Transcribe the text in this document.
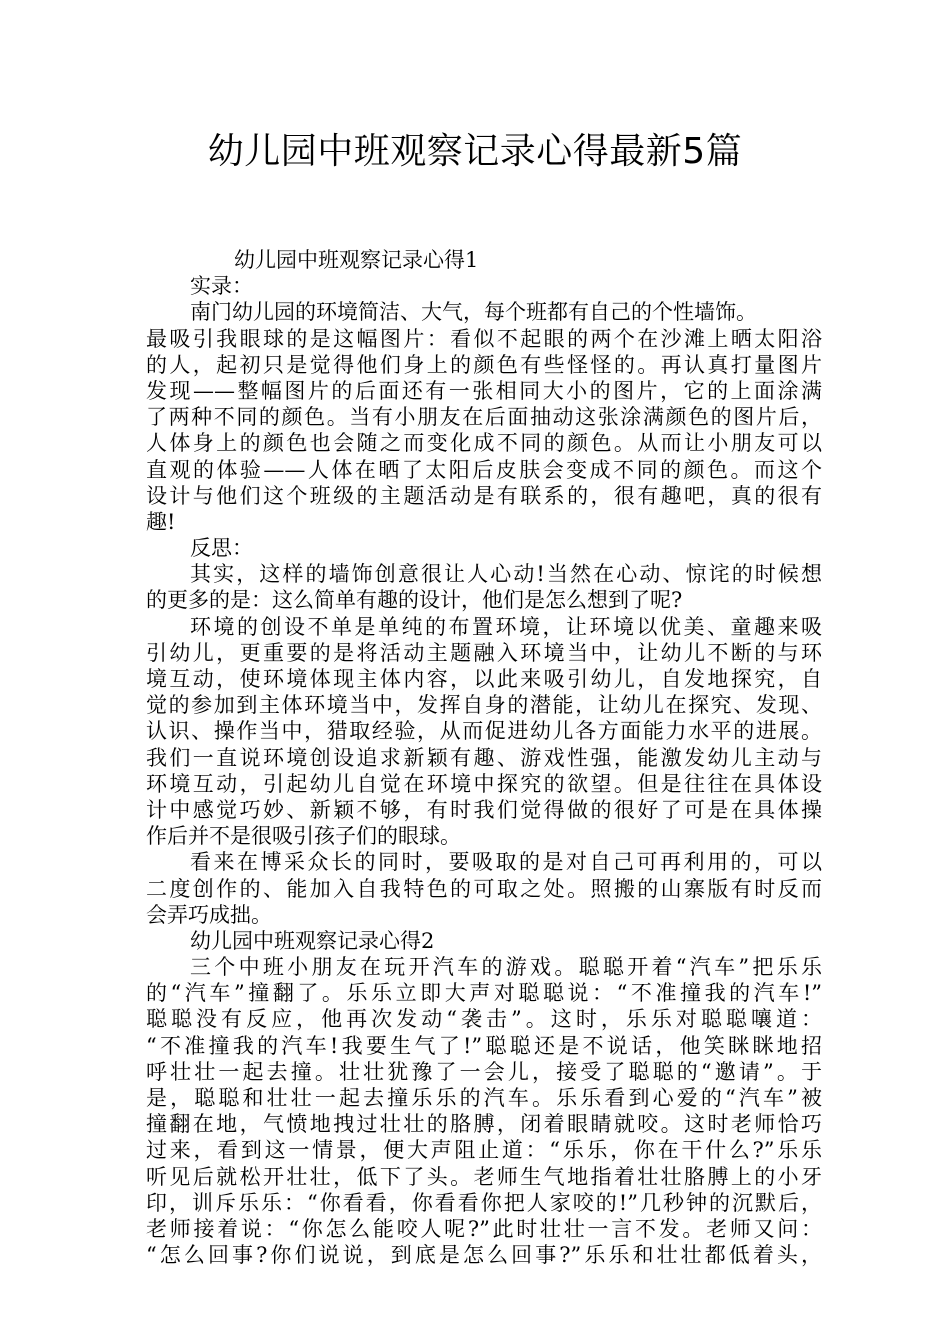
幼儿园中班观察记录心得最新5篇
幼儿园中班观察记录心得1
实录：
南门幼儿园的环境简洁、大气，每个班都有自己的个性墙饰。
最吸引我眼球的是这幅图片：看似不起眼的两个在沙滩上晒太阳浴
的人，起初只是觉得他们身上的颜色有些怪怪的。再认真打量图片
发现——整幅图片的后面还有一张相同大小的图片，它的上面涂满
了两种不同的颜色。当有小朋友在后面抽动这张涂满颜色的图片后，
人体身上的颜色也会随之而变化成不同的颜色。从而让小朋友可以
直观的体验——人体在晒了太阳后皮肤会变成不同的颜色。而这个
设计与他们这个班级的主题活动是有联系的，很有趣吧，真的很有
趣!
反思：
其实，这样的墙饰创意很让人心动!当然在心动、惊诧的时候想
的更多的是：这么简单有趣的设计，他们是怎么想到了呢?
环境的创设不单是单纯的布置环境，让环境以优美、童趣来吸
引幼儿，更重要的是将活动主题融入环境当中，让幼儿不断的与环
境互动，使环境体现主体内容，以此来吸引幼儿，自发地探究，自
觉的参加到主体环境当中，发挥自身的潜能，让幼儿在探究、发现、
认识、操作当中，猎取经验，从而促进幼儿各方面能力水平的进展。
我们一直说环境创设追求新颖有趣、游戏性强，能激发幼儿主动与
环境互动，引起幼儿自觉在环境中探究的欲望。但是往往在具体设
计中感觉巧妙、新颖不够，有时我们觉得做的很好了可是在具体操
作后并不是很吸引孩子们的眼球。
看来在博采众长的同时，要吸取的是对自己可再利用的，可以
二度创作的、能加入自我特色的可取之处。照搬的山寨版有时反而
会弄巧成拙。
幼儿园中班观察记录心得2
三个中班小朋友在玩开汽车的游戏。聪聪开着“汽车”把乐乐
的“汽车”撞翻了。乐乐立即大声对聪聪说：“不准撞我的汽车!”
聪聪没有反应，他再次发动“袭击”。这时，乐乐对聪聪嚷道：
“不准撞我的汽车!我要生气了!”聪聪还是不说话，他笑眯眯地招
呼壮壮一起去撞。壮壮犹豫了一会儿，接受了聪聪的“邀请”。于
是，聪聪和壮壮一起去撞乐乐的汽车。乐乐看到心爱的“汽车”被
撞翻在地，气愤地拽过壮壮的胳膊，闭着眼睛就咬。这时老师恰巧
过来，看到这一情景，便大声阻止道：“乐乐，你在干什么?”乐乐
听见后就松开壮壮，低下了头。老师生气地指着壮壮胳膊上的小牙
印，训斥乐乐：“你看看，你看看你把人家咬的!”几秒钟的沉默后，
老师接着说：“你怎么能咬人呢?”此时壮壮一言不发。老师又问：
“怎么回事?你们说说，到底是怎么回事?”乐乐和壮壮都低着头，
